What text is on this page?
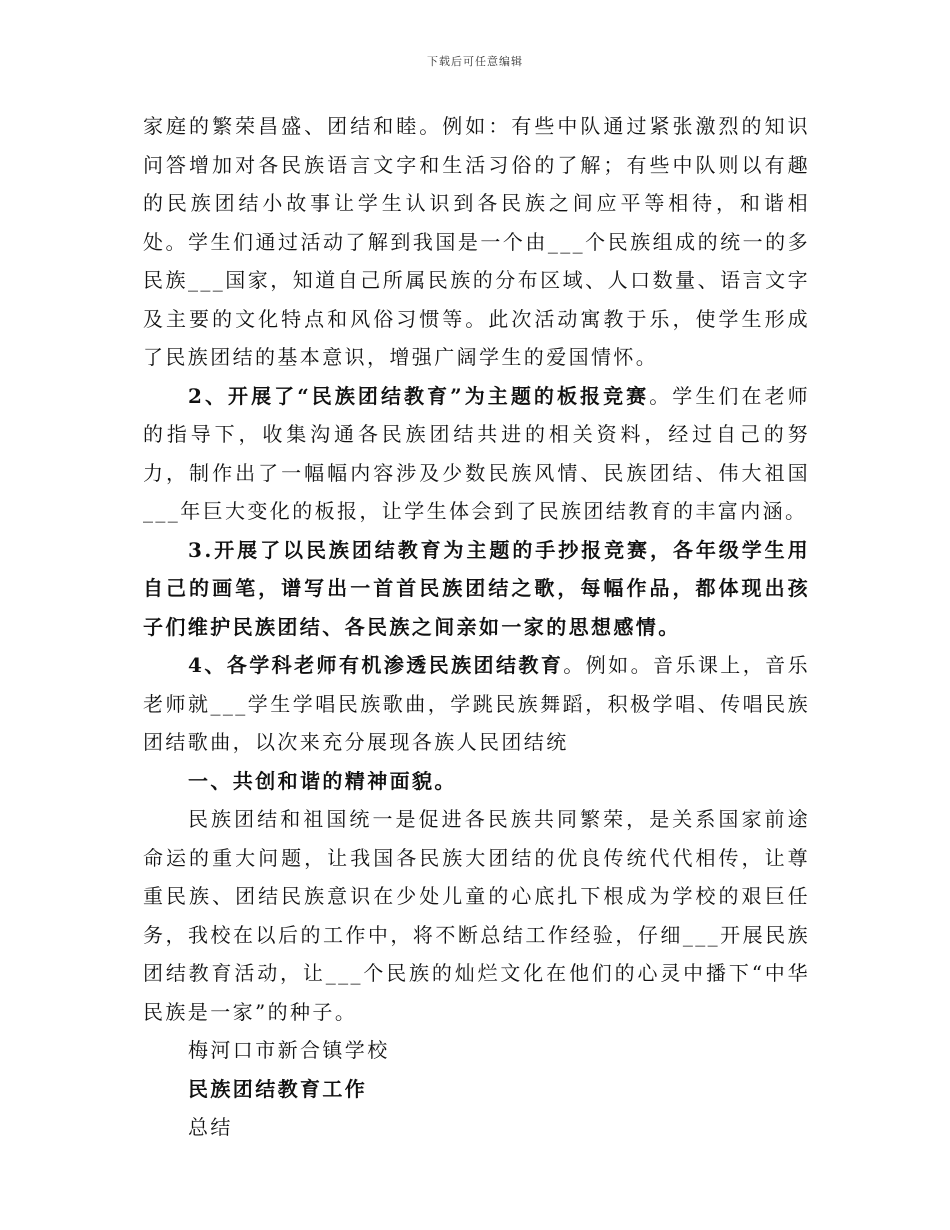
下载后可任意编辑

家庭的繁荣昌盛、团结和睦。例如：有些中队通过紧张激烈的知识问答增加对各民族语言文字和生活习俗的了解；有些中队则以有趣的民族团结小故事让学生认识到各民族之间应平等相待，和谐相处。学生们通过活动了解到我国是一个由___个民族组成的统一的多民族___国家，知道自己所属民族的分布区域、人口数量、语言文字及主要的文化特点和风俗习惯等。此次活动寓教于乐，使学生形成了民族团结的基本意识，增强广阔学生的爱国情怀。

2、开展了“民族团结教育”为主题的板报竞赛。学生们在老师的指导下，收集沟通各民族团结共进的相关资料，经过自己的努力，制作出了一幅幅内容涉及少数民族风情、民族团结、伟大祖国___年巨大变化的板报，让学生体会到了民族团结教育的丰富内涵。

3.开展了以民族团结教育为主题的手抄报竞赛，各年级学生用自己的画笔，谱写出一首首民族团结之歌，每幅作品，都体现出孩子们维护民族团结、各民族之间亲如一家的思想感情。

4、各学科老师有机渗透民族团结教育。例如。音乐课上，音乐老师就___学生学唱民族歌曲，学跳民族舞蹈，积极学唱、传唱民族团结歌曲，以次来充分展现各族人民团结统

一、共创和谐的精神面貌。

民族团结和祖国统一是促进各民族共同繁荣，是关系国家前途命运的重大问题，让我国各民族大团结的优良传统代代相传，让尊重民族、团结民族意识在少处儿童的心底扎下根成为学校的艰巨任务，我校在以后的工作中，将不断总结工作经验，仔细___开展民族团结教育活动，让___个民族的灿烂文化在他们的心灵中播下“中华民族是一家”的种子。

梅河口市新合镇学校

民族团结教育工作

总结
